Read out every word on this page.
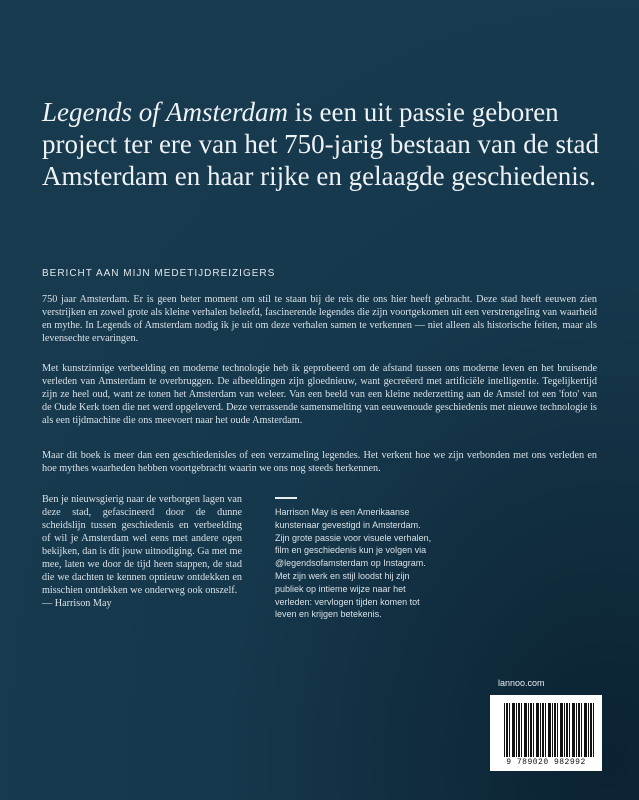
Legends of Amsterdam is een uit passie geboren project ter ere van het 750-jarig bestaan van de stad Amsterdam en haar rijke en gelaagde geschiedenis.
BERICHT AAN MIJN MEDETIJDREIZIGERS

750 jaar Amsterdam. Er is geen beter moment om stil te staan bij de reis die ons hier heeft gebracht. Deze stad heeft eeuwen zien verstrijken en zowel grote als kleine verhalen beleefd, fascinerende legendes die zijn voortgekomen uit een verstrengeling van waarheid en mythe. In Legends of Amsterdam nodig ik je uit om deze verhalen samen te verkennen — niet alleen als historische feiten, maar als levensechte ervaringen.

Met kunstzinnige verbeelding en moderne technologie heb ik geprobeerd om de afstand tussen ons moderne leven en het bruisende verleden van Amsterdam te overbruggen. De afbeeldingen zijn gloednieuw, want gecreëerd met artificiële intelligentie. Tegelijkertijd zijn ze heel oud, want ze tonen het Amsterdam van weleer. Van een beeld van een kleine nederzetting aan de Amstel tot een 'foto' van de Oude Kerk toen die net werd opgeleverd. Deze verrassende samensmelting van eeuwenoude geschiedenis met nieuwe technologie is als een tijdmachine die ons meevoert naar het oude Amsterdam.

Maar dit boek is meer dan een geschiedenisles of een verzameling legendes. Het verkent hoe we zijn verbonden met ons verleden en hoe mythes waarheden hebben voortgebracht waarin we ons nog steeds herkennen.

Ben je nieuwsgierig naar de verborgen lagen van deze stad, gefascineerd door de dunne scheidslijn tussen geschiedenis en verbeelding of wil je Amsterdam wel eens met andere ogen bekijken, dan is dit jouw uitnodiging. Ga met me mee, laten we door de tijd heen stappen, de stad die we dachten te kennen opnieuw ontdekken en misschien ontdekken we onderweg ook onszelf.

— Harrison May

Harrison May is een Amerikaanse kunstenaar gevestigd in Amsterdam. Zijn grote passie voor visuele verhalen, film en geschiedenis kun je volgen via @legendsofamsterdam op Instagram. Met zijn werk en stijl loodst hij zijn publiek op intieme wijze naar het verleden: vervlogen tijden komen tot leven en krijgen betekenis.

lannoo.com
9 789020 982992
